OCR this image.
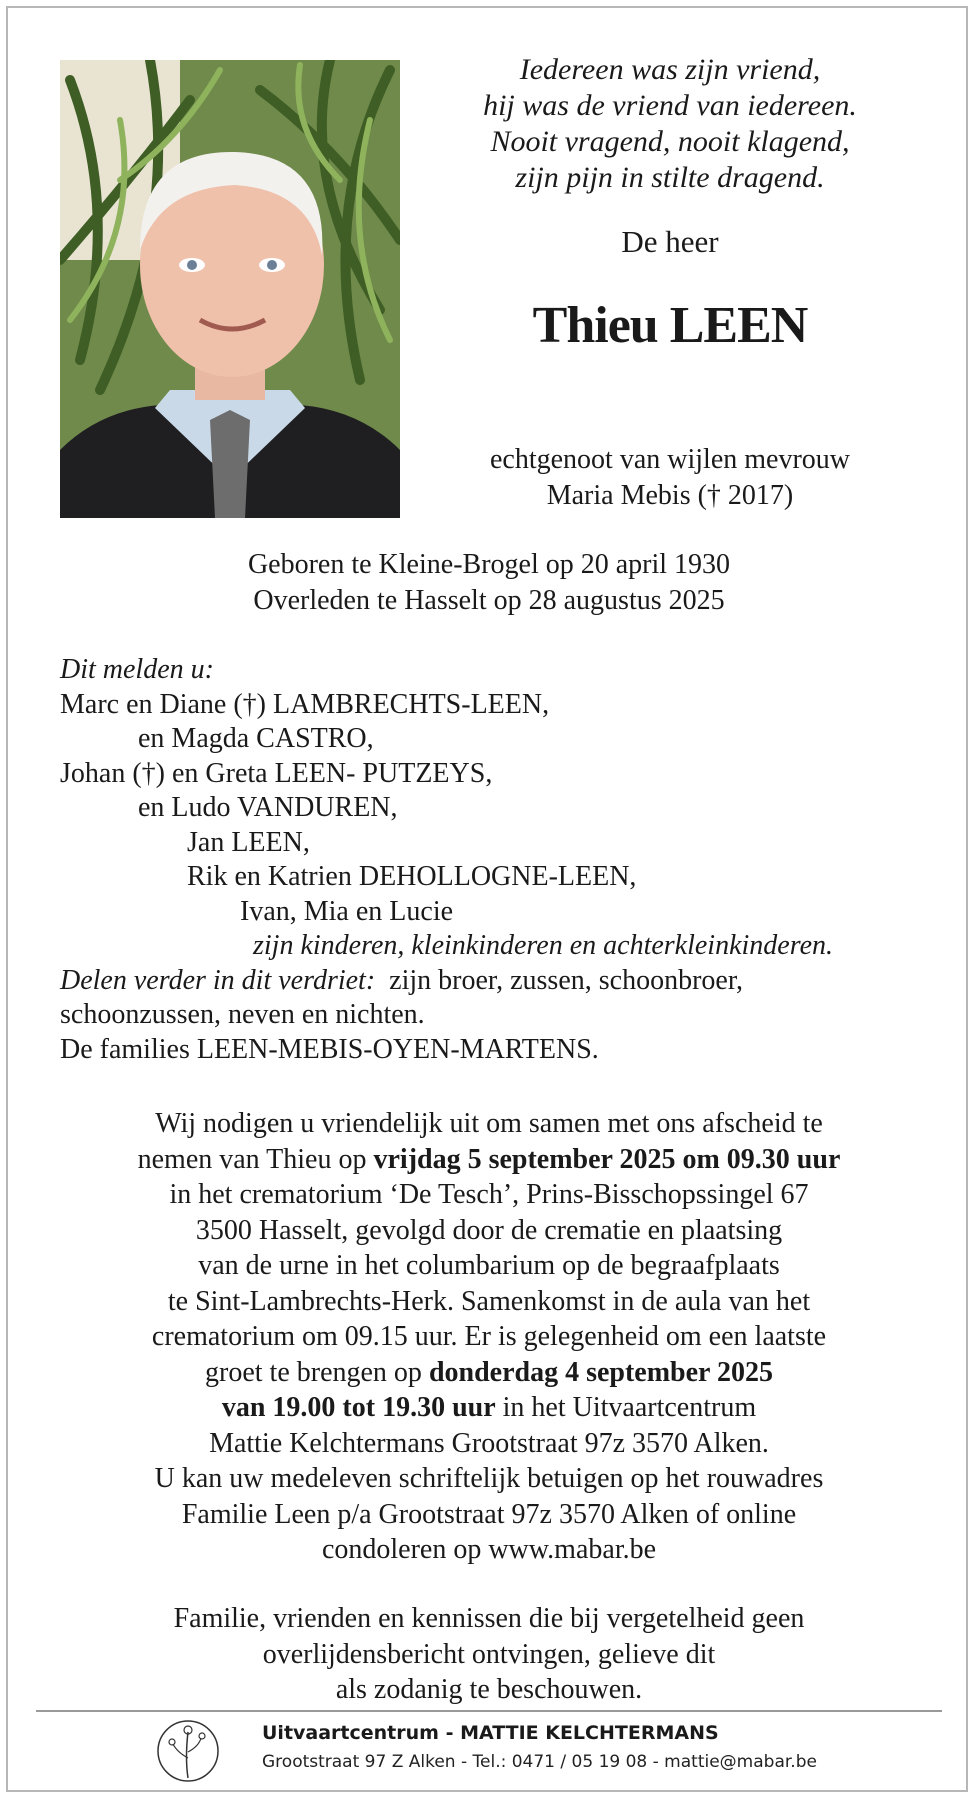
Iedereen was zijn vriend,
hij was de vriend van iedereen.
Nooit vragend, nooit klagend,
zijn pijn in stilte dragend.
De heer
Thieu LEEN
echtgenoot van wijlen mevrouw
Maria Mebis († 2017)
Geboren te Kleine-Brogel op 20 april 1930
Overleden te Hasselt op 28 augustus 2025
Dit melden u:
Marc en Diane (†) LAMBRECHTS-LEEN,
en Magda CASTRO,
Johan (†) en Greta LEEN- PUTZEYS,
en Ludo VANDUREN,
Jan LEEN,
Rik en Katrien DEHOLLOGNE-LEEN,
Ivan, Mia en Lucie
zijn kinderen, kleinkinderen en achterkleinkinderen.
Delen verder in dit verdriet: zijn broer, zussen, schoonbroer,
schoonzussen, neven en nichten.
De families LEEN-MEBIS-OYEN-MARTENS.
Wij nodigen u vriendelijk uit om samen met ons afscheid te
nemen van Thieu op vrijdag 5 september 2025 om 09.30 uur
in het crematorium ‘De Tesch’, Prins-Bisschopssingel 67
3500 Hasselt, gevolgd door de crematie en plaatsing
van de urne in het columbarium op de begraafplaats
te Sint-Lambrechts-Herk. Samenkomst in de aula van het
crematorium om 09.15 uur. Er is gelegenheid om een laatste
groet te brengen op donderdag 4 september 2025
van 19.00 tot 19.30 uur in het Uitvaartcentrum
Mattie Kelchtermans Grootstraat 97z 3570 Alken.
U kan uw medeleven schriftelijk betuigen op het rouwadres
Familie Leen p/a Grootstraat 97z 3570 Alken of online
condoleren op www.mabar.be
Familie, vrienden en kennissen die bij vergetelheid geen
overlijdensbericht ontvingen, gelieve dit
als zodanig te beschouwen.
Uitvaartcentrum - MATTIE KELCHTERMANS
Grootstraat 97 Z Alken - Tel.: 0471 / 05 19 08 - mattie@mabar.be
